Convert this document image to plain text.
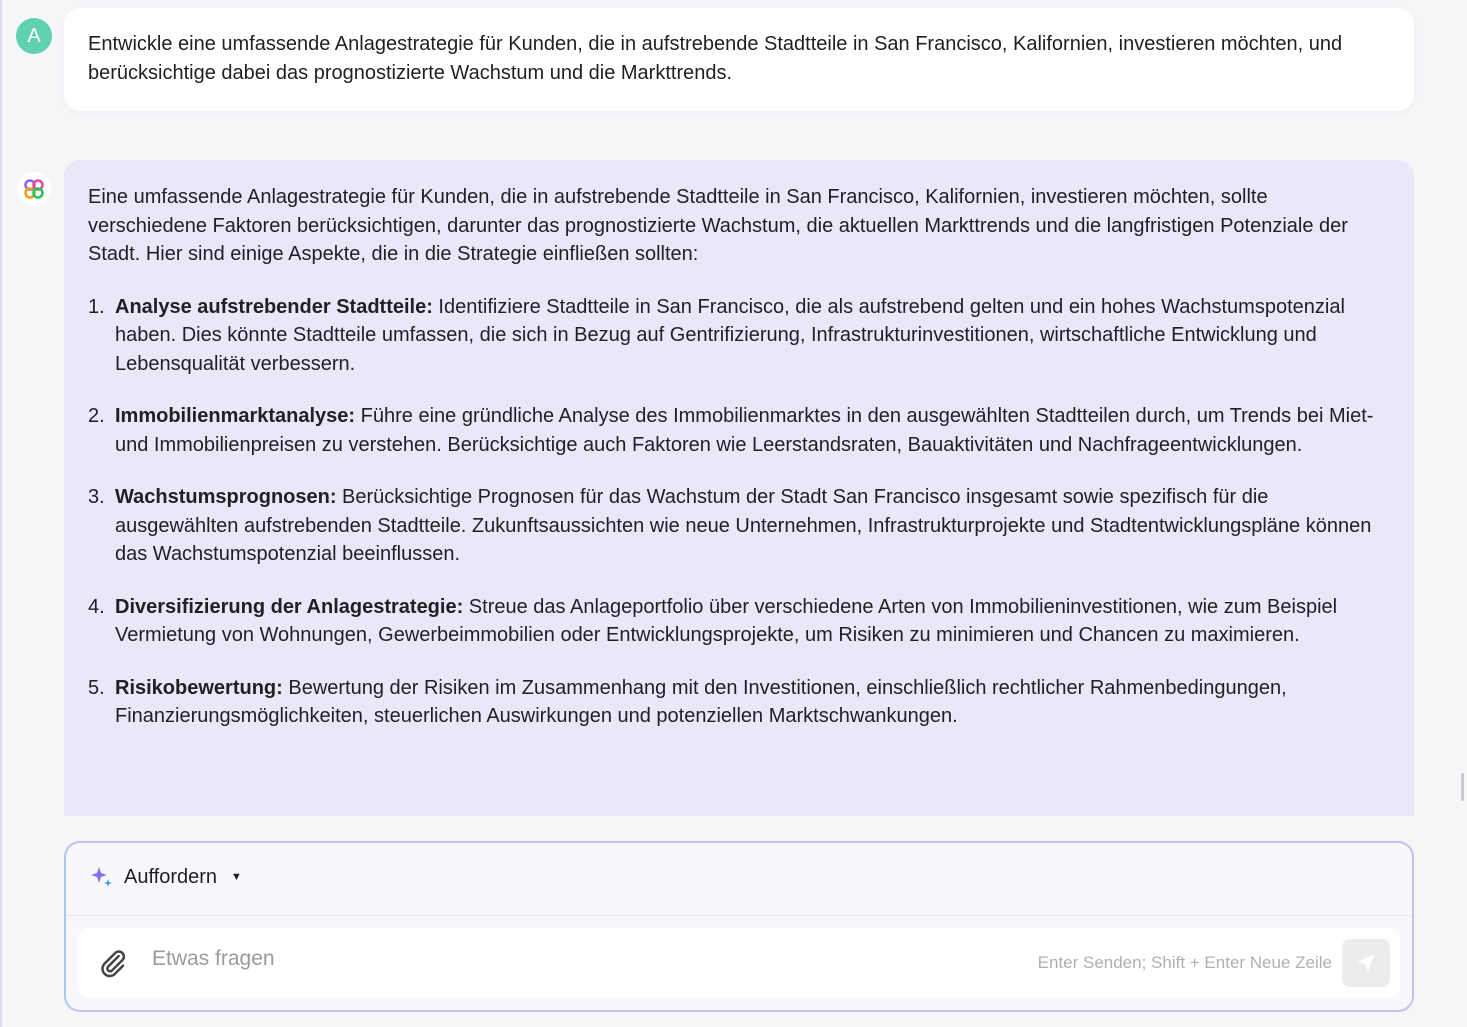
A	Entwickle eine umfassende Anlagestrategie für Kunden, die in aufstrebende Stadtteile in San Francisco, Kalifornien, investieren möchten, und berücksichtige dabei das prognostizierte Wachstum und die Markttrends.

Eine umfassende Anlagestrategie für Kunden, die in aufstrebende Stadtteile in San Francisco, Kalifornien, investieren möchten, sollte verschiedene Faktoren berücksichtigen, darunter das prognostizierte Wachstum, die aktuellen Markttrends und die langfristigen Potenziale der Stadt. Hier sind einige Aspekte, die in die Strategie einfließen sollten:

1. Analyse aufstrebender Stadtteile: Identifiziere Stadtteile in San Francisco, die als aufstrebend gelten und ein hohes Wachstumspotenzial haben. Dies könnte Stadtteile umfassen, die sich in Bezug auf Gentrifizierung, Infrastrukturinvestitionen, wirtschaftliche Entwicklung und Lebensqualität verbessern.
2. Immobilienmarktanalyse: Führe eine gründliche Analyse des Immobilienmarktes in den ausgewählten Stadtteilen durch, um Trends bei Miet- und Immobilienpreisen zu verstehen. Berücksichtige auch Faktoren wie Leerstandsraten, Bauaktivitäten und Nachfrageentwicklungen.
3. Wachstumsprognosen: Berücksichtige Prognosen für das Wachstum der Stadt San Francisco insgesamt sowie spezifisch für die ausgewählten aufstrebenden Stadtteile. Zukunftsaussichten wie neue Unternehmen, Infrastrukturprojekte und Stadtentwicklungspläne können das Wachstumspotenzial beeinflussen.
4. Diversifizierung der Anlagestrategie: Streue das Anlageportfolio über verschiedene Arten von Immobilieninvestitionen, wie zum Beispiel Vermietung von Wohnungen, Gewerbeimmobilien oder Entwicklungsprojekte, um Risiken zu minimieren und Chancen zu maximieren.
5. Risikobewertung: Bewertung der Risiken im Zusammenhang mit den Investitionen, einschließlich rechtlicher Rahmenbedingungen, Finanzierungsmöglichkeiten, steuerlichen Auswirkungen und potenziellen Marktschwankungen.
Auffordern ▼
Etwas fragen
Enter Senden; Shift + Enter Neue Zeile
